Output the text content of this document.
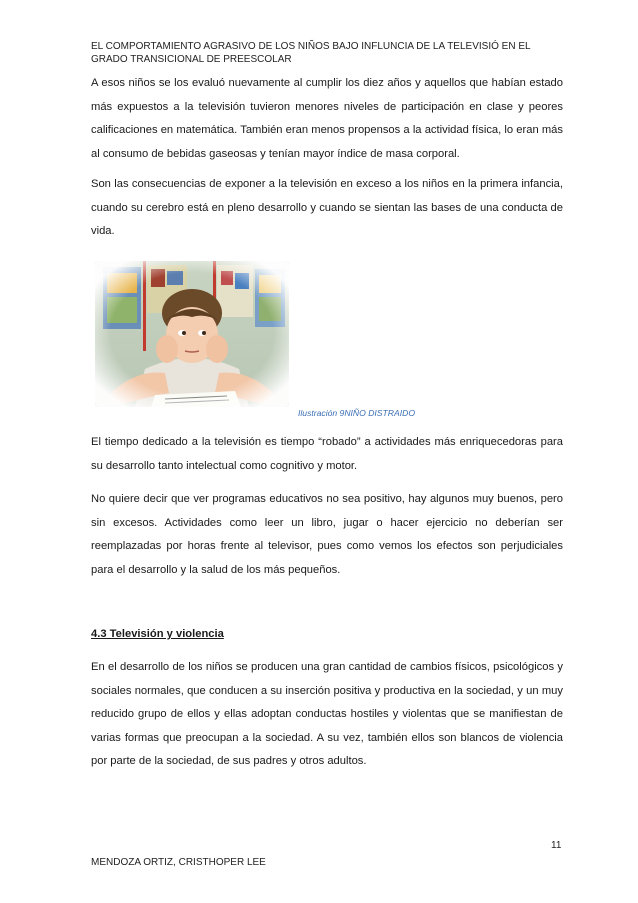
EL COMPORTAMIENTO AGRASIVO DE LOS NIÑOS BAJO INFLUNCIA DE LA TELEVISIÓ EN EL GRADO TRANSICIONAL DE PREESCOLAR

A esos niños se los evaluó nuevamente al cumplir los diez años y aquellos que habían estado más expuestos a la televisión tuvieron menores niveles de participación en clase y peores calificaciones en matemática. También eran menos propensos a la actividad física, lo eran más al consumo de bebidas gaseosas y tenían mayor índice de masa corporal.

Son las consecuencias de exponer a la televisión en exceso a los niños en la primera infancia, cuando su cerebro está en pleno desarrollo y cuando se sientan las bases de una conducta de vida.

Ilustración 9NIÑO DISTRAIDO

El tiempo dedicado a la televisión es tiempo “robado” a actividades más enriquecedoras para su desarrollo tanto intelectual como cognitivo y motor.

No quiere decir que ver programas educativos no sea positivo, hay algunos muy buenos, pero sin excesos. Actividades como leer un libro, jugar o hacer ejercicio no deberían ser reemplazadas por horas frente al televisor, pues como vemos los efectos son perjudiciales para el desarrollo y la salud de los más pequeños.

4.3 Televisión y violencia

En el desarrollo de los niños se producen una gran cantidad de cambios físicos, psicológicos y sociales normales, que conducen a su inserción positiva y productiva en la sociedad, y un muy reducido grupo de ellos y ellas adoptan conductas hostiles y violentas que se manifiestan de varias formas que preocupan a la sociedad. A su vez, también ellos son blancos de violencia por parte de la sociedad, de sus padres y otros adultos.

11
MENDOZA ORTIZ, CRISTHOPER LEE
